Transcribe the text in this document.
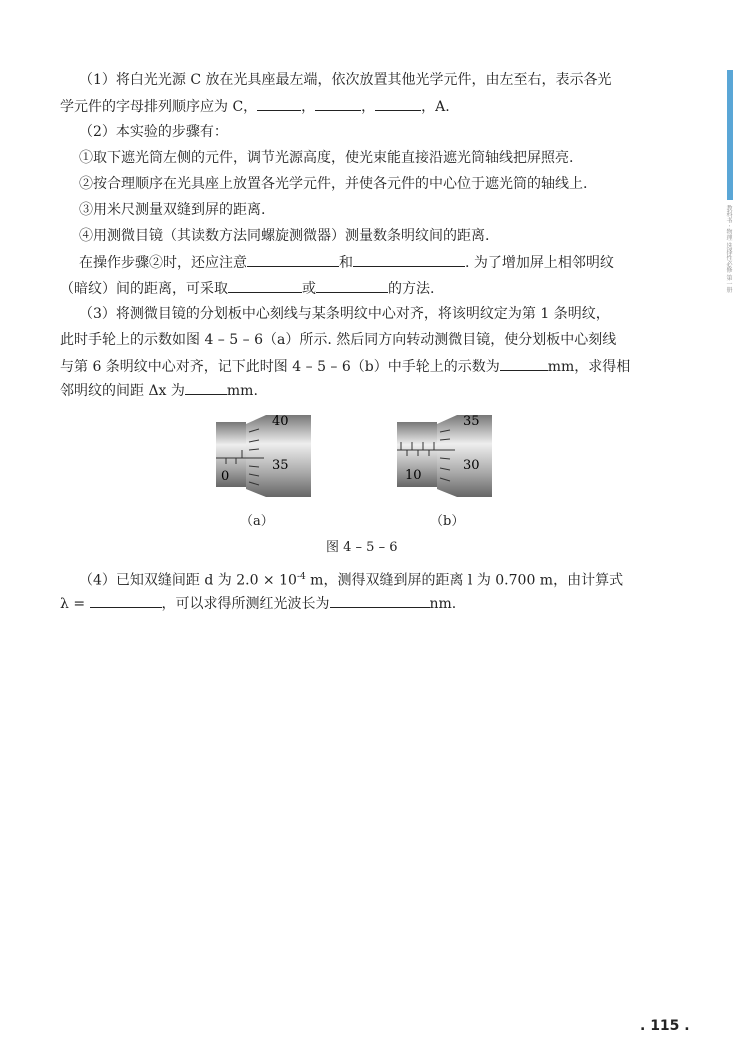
教科书 · 物理 选择性必修 第一册
（1）将白光光源 C 放在光具座最左端，依次放置其他光学元件，由左至右，表示各光
学元件的字母排列顺序应为 C，	，	，	，A.
（2）本实验的步骤有：
①取下遮光筒左侧的元件，调节光源高度，使光束能直接沿遮光筒轴线把屏照亮.
②按合理顺序在光具座上放置各光学元件，并使各元件的中心位于遮光筒的轴线上.
③用米尺测量双缝到屏的距离.
④用测微目镜（其读数方法同螺旋测微器）测量数条明纹间的距离.
在操作步骤②时，还应注意	和	. 为了增加屏上相邻明纹
（暗纹）间的距离，可采取	或	的方法.
（3）将测微目镜的分划板中心刻线与某条明纹中心对齐，将该明纹定为第 1 条明纹，
此时手轮上的示数如图 4 – 5 – 6（a）所示. 然后同方向转动测微目镜，使分划板中心刻线
与第 6 条明纹中心对齐，记下此时图 4 – 5 – 6（b）中手轮上的示数为	mm，求得相
邻明纹的间距 Δx 为	mm.
0
40
35
10
35
30
（a）	（b）
图 4 – 5 – 6
（4）已知双缝间距 d 为 $2.0 \times 10^{-4}$ m，测得双缝到屏的距离 l 为 0.700 m，由计算式
λ =	，可以求得所测红光波长为	nm.
. 115 .
